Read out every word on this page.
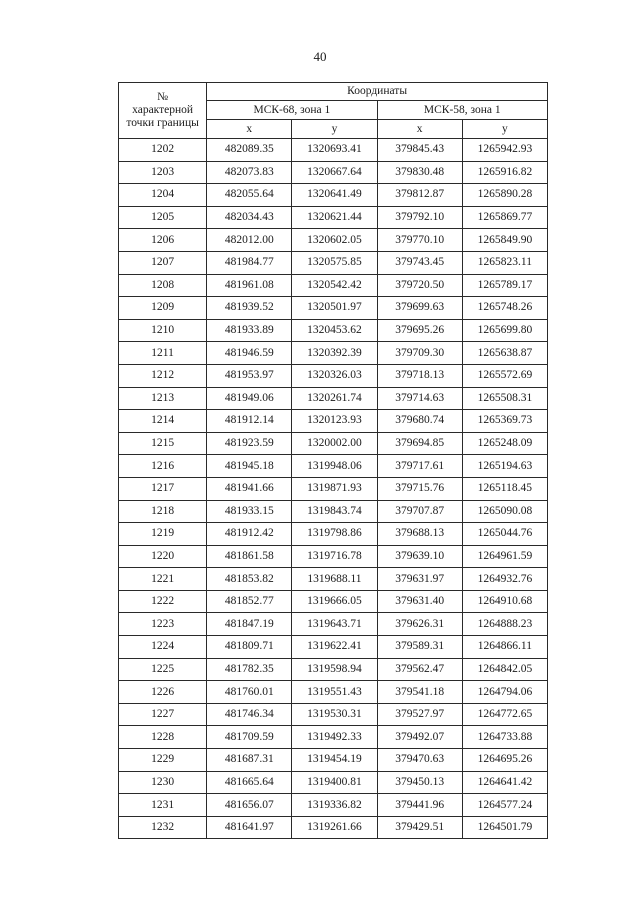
40
№
характерной точки границы	Координаты			
	МСК-68, зона 1		МСК-58, зона 1	
	x	y	x	y
1202	482089.35	1320693.41	379845.43	1265942.93
1203	482073.83	1320667.64	379830.48	1265916.82
1204	482055.64	1320641.49	379812.87	1265890.28
1205	482034.43	1320621.44	379792.10	1265869.77
1206	482012.00	1320602.05	379770.10	1265849.90
1207	481984.77	1320575.85	379743.45	1265823.11
1208	481961.08	1320542.42	379720.50	1265789.17
1209	481939.52	1320501.97	379699.63	1265748.26
1210	481933.89	1320453.62	379695.26	1265699.80
1211	481946.59	1320392.39	379709.30	1265638.87
1212	481953.97	1320326.03	379718.13	1265572.69
1213	481949.06	1320261.74	379714.63	1265508.31
1214	481912.14	1320123.93	379680.74	1265369.73
1215	481923.59	1320002.00	379694.85	1265248.09
1216	481945.18	1319948.06	379717.61	1265194.63
1217	481941.66	1319871.93	379715.76	1265118.45
1218	481933.15	1319843.74	379707.87	1265090.08
1219	481912.42	1319798.86	379688.13	1265044.76
1220	481861.58	1319716.78	379639.10	1264961.59
1221	481853.82	1319688.11	379631.97	1264932.76
1222	481852.77	1319666.05	379631.40	1264910.68
1223	481847.19	1319643.71	379626.31	1264888.23
1224	481809.71	1319622.41	379589.31	1264866.11
1225	481782.35	1319598.94	379562.47	1264842.05
1226	481760.01	1319551.43	379541.18	1264794.06
1227	481746.34	1319530.31	379527.97	1264772.65
1228	481709.59	1319492.33	379492.07	1264733.88
1229	481687.31	1319454.19	379470.63	1264695.26
1230	481665.64	1319400.81	379450.13	1264641.42
1231	481656.07	1319336.82	379441.96	1264577.24
1232	481641.97	1319261.66	379429.51	1264501.79
